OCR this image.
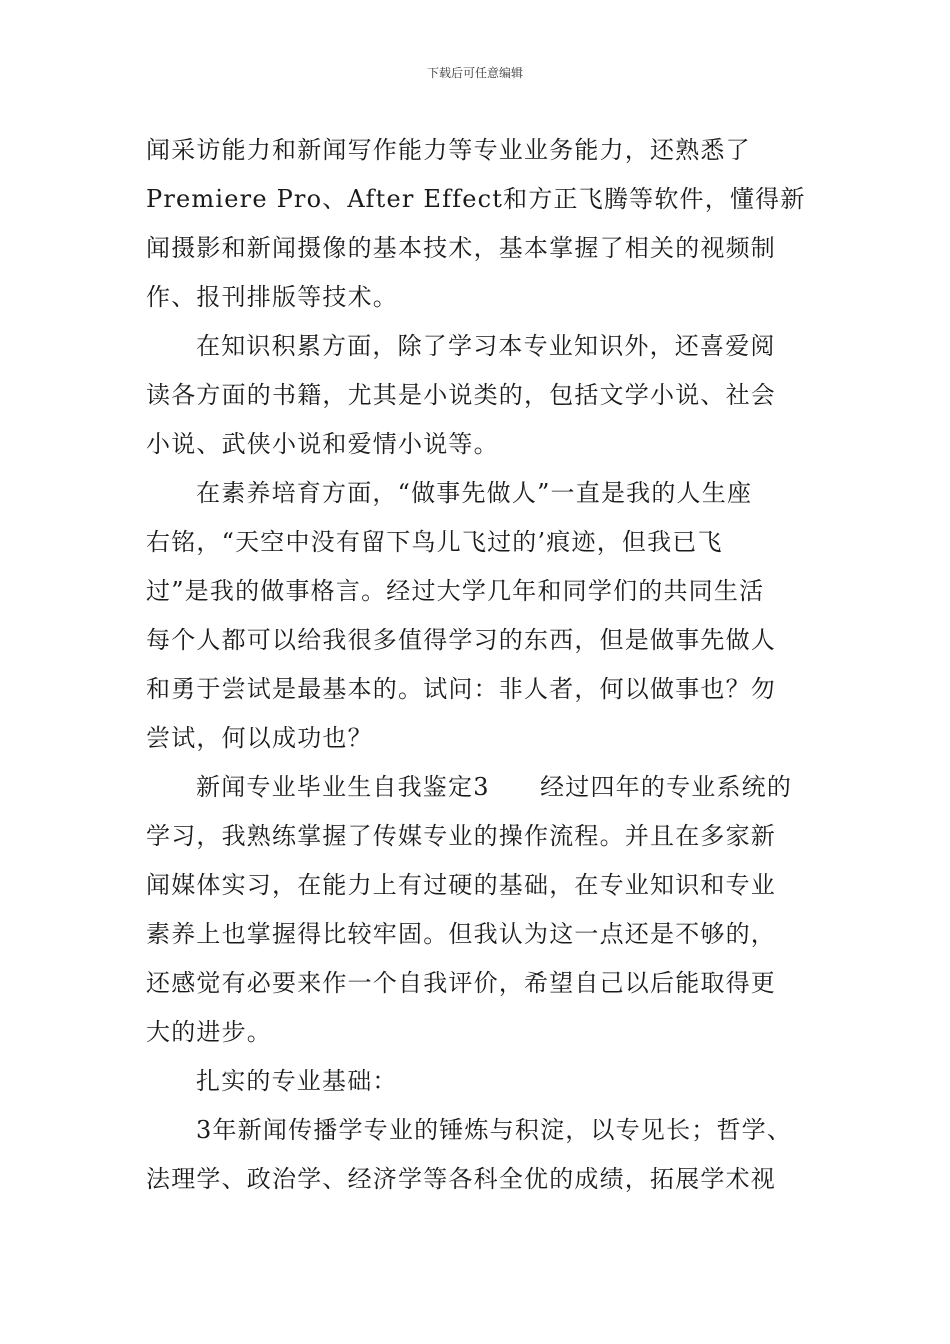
下载后可任意编辑
闻采访能力和新闻写作能力等专业业务能力，还熟悉了
Premiere Pro、After Effect和方正飞腾等软件，懂得新
闻摄影和新闻摄像的基本技术，基本掌握了相关的视频制
作、报刊排版等技术。
在知识积累方面，除了学习本专业知识外，还喜爱阅
读各方面的书籍，尤其是小说类的，包括文学小说、社会
小说、武侠小说和爱情小说等。
在素养培育方面，“做事先做人”一直是我的人生座
右铭，“天空中没有留下鸟儿飞过的’痕迹，但我已飞
过”是我的做事格言。经过大学几年和同学们的共同生活
每个人都可以给我很多值得学习的东西，但是做事先做人
和勇于尝试是最基本的。试问：非人者，何以做事也？勿
尝试，何以成功也？
新闻专业毕业生自我鉴定3　　经过四年的专业系统的
学习，我熟练掌握了传媒专业的操作流程。并且在多家新
闻媒体实习，在能力上有过硬的基础，在专业知识和专业
素养上也掌握得比较牢固。但我认为这一点还是不够的，
还感觉有必要来作一个自我评价，希望自己以后能取得更
大的进步。
扎实的专业基础：
3年新闻传播学专业的锤炼与积淀，以专见长；哲学、
法理学、政治学、经济学等各科全优的成绩，拓展学术视
